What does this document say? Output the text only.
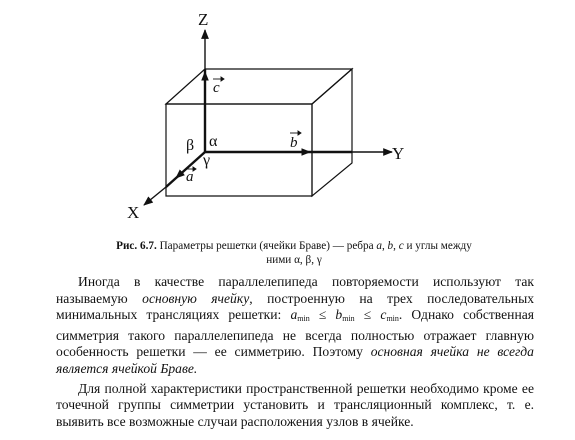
Z
Y
X
c
b
a
α
β
γ
Рис. 6.7. Параметры решетки (ячейки Браве) — ребра a, b, c и углы между
ними α, β, γ

Иногда в качестве параллелепипеда повторяемости используют так называемую основную ячейку, построенную на трех последовательных минимальных трансляциях решетки: $a_{min} \le b_{min} \le c_{min}$. Однако собственная симметрия такого параллелепипеда не всегда полностью отражает главную особенность решетки — ее симметрию. Поэтому основная ячейка не всегда является ячейкой Браве.

Для полной характеристики пространственной решетки необходимо кроме ее точечной группы симметрии установить и трансляционный комплекс, т. е. выявить все возможные случаи расположения узлов в ячейке.
